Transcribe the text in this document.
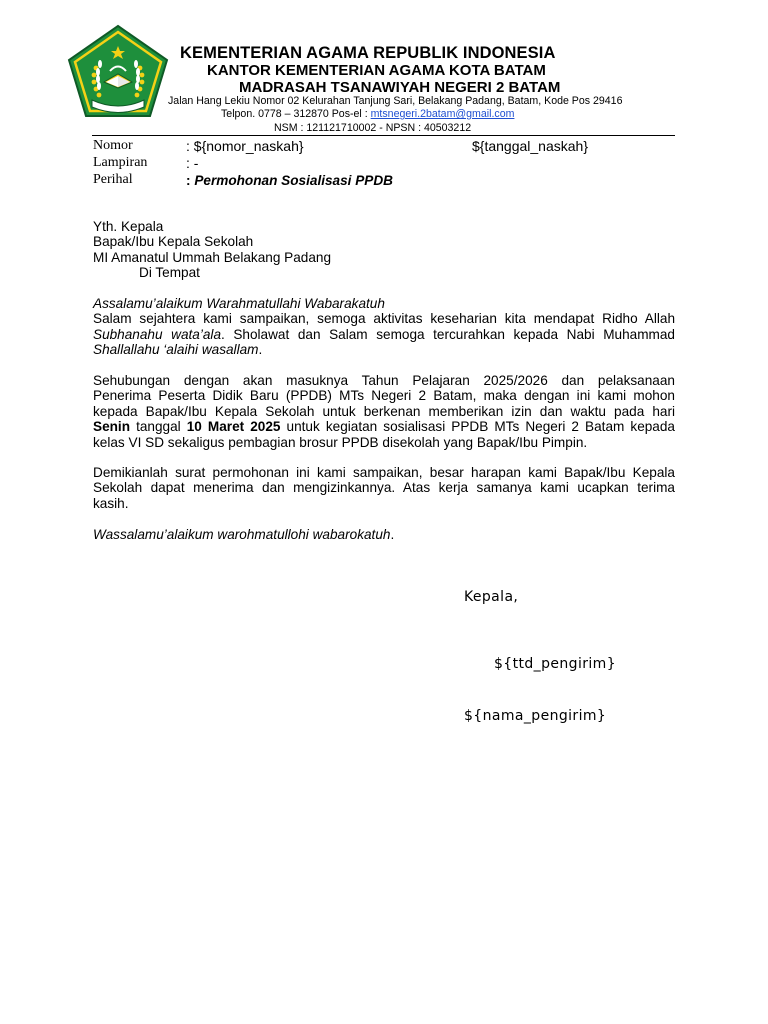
KEMENTERIAN AGAMA REPUBLIK INDONESIA
KANTOR KEMENTERIAN AGAMA KOTA BATAM
MADRASAH TSANAWIYAH NEGERI 2 BATAM
Jalan Hang Lekiu Nomor 02 Kelurahan Tanjung Sari, Belakang Padang, Batam, Kode Pos 29416
Telpon. 0778 – 312870 Pos-el : mtsnegeri.2batam@gmail.com
NSM : 121121710002 - NPSN : 40503212
Nomor	: ${nomor_naskah}	${tanggal_naskah}
Lampiran	: -
Perihal	: Permohonan Sosialisasi PPDB
Yth. Kepala
Bapak/Ibu Kepala Sekolah
MI Amanatul Ummah Belakang Padang
Di Tempat
Assalamu’alaikum Warahmatullahi Wabarakatuh
Salam sejahtera kami sampaikan, semoga aktivitas keseharian kita mendapat Ridho Allah
Subhanahu wata’ala. Sholawat dan Salam semoga tercurahkan kepada Nabi Muhammad
Shallallahu ‘alaihi wasallam.
Sehubungan dengan akan masuknya Tahun Pelajaran 2025/2026 dan pelaksanaan
Penerima Peserta Didik Baru (PPDB) MTs Negeri 2 Batam, maka dengan ini kami mohon
kepada Bapak/Ibu Kepala Sekolah untuk berkenan memberikan izin dan waktu pada hari
Senin tanggal 10 Maret 2025 untuk kegiatan sosialisasi PPDB MTs Negeri 2 Batam kepada
kelas VI SD sekaligus pembagian brosur PPDB disekolah yang Bapak/Ibu Pimpin.
Demikianlah surat permohonan ini kami sampaikan, besar harapan kami Bapak/Ibu Kepala
Sekolah dapat menerima dan mengizinkannya. Atas kerja samanya kami ucapkan terima
kasih.
Wassalamu’alaikum warohmatullohi wabarokatuh.
Kepala,
${ttd_pengirim}
${nama_pengirim}
